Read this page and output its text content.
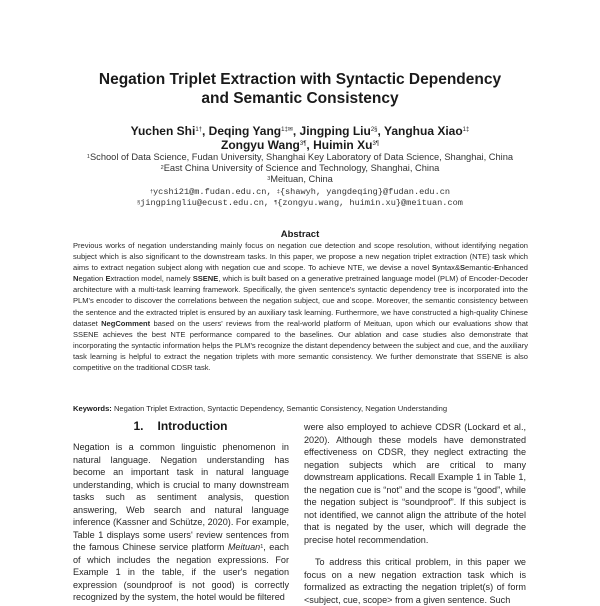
Negation Triplet Extraction with Syntactic Dependency
and Semantic Consistency
Yuchen Shi$^{1\dagger}$, Deqing Yang$^{1\ddagger✉}$, Jingping Liu$^{2\S}$, Yanghua Xiao$^{1\ddagger}$
Zongyu Wang$^{3\P}$, Huimin $Xu^{3\P}$
$^1$School of Data Science, Fudan University, Shanghai Key Laboratory of Data Science, Shanghai, China
$^2$East China University of Science and Technology, Shanghai, China
$^3$Meituan, China
†ycshi21@m.fudan.edu.cn, ‡{shawyh, yangdeqing}@fudan.edu.cn
§jingpingliu@ecust.edu.cn, ¶{zongyu.wang, huimin.xu}@meituan.com
Abstract
Previous works of negation understanding mainly focus on negation cue detection and scope resolution, without identifying negation subject which is also significant to the downstream tasks. In this paper, we propose a new negation triplet extraction (NTE) task which aims to extract negation subject along with negation cue and scope. To achieve NTE, we devise a novel Syntax&Semantic-Enhanced Negation Extraction model, namely SSENE, which is built based on a generative pretrained language model (PLM) of Encoder-Decoder architecture with a multi-task learning framework. Specifically, the given sentence's syntactic dependency tree is incorporated into the PLM's encoder to discover the correlations between the negation subject, cue and scope. Moreover, the semantic consistency between the sentence and the extracted triplet is ensured by an auxiliary task learning. Furthermore, we have constructed a high-quality Chinese dataset NegComment based on the users' reviews from the real-world platform of Meituan, upon which our evaluations show that SSENE achieves the best NTE performance compared to the baselines. Our ablation and case studies also demonstrate that incorporating the syntactic information helps the PLM's recognize the distant dependency between the subject and cue, and the auxiliary task learning is helpful to extract the negation triplets with more semantic consistency. We further demonstrate that SSENE is also competitive on the traditional CDSR task.
Keywords: Negation Triplet Extraction, Syntactic Dependency, Semantic Consistency, Negation Understanding
1. Introduction

Negation is a common linguistic phenomenon in natural language. Negation understanding has become an important task in natural language understanding, which is crucial to many downstream tasks such as sentiment analysis, question answering, Web search and natural language inference (Kassner and Schütze, 2020). For example, Table 1 displays some users' review sentences from the famous Chinese service platform Meituan$^1$, each of which includes the negation expressions. For Example 1 in the table, if the user's negation expression (soundproof is not good) is correctly recognized by the system, the hotel would be filtered

were also employed to achieve CDSR (Lockard et al., 2020). Although these models have demonstrated effectiveness on CDSR, they neglect extracting the negation subjects which are critical to many downstream applications. Recall Example 1 in Table 1, the negation cue is “not” and the scope is “good”, while the negation subject is “soundproof”. If this subject is not identified, we cannot align the attribute of the hotel that is negated by the user, which will degrade the precise hotel recommendation.

To address this critical problem, in this paper we focus on a new negation extraction task which is formalized as extracting the negation triplet(s) of form <subject, cue, scope> from a given sentence. Such
